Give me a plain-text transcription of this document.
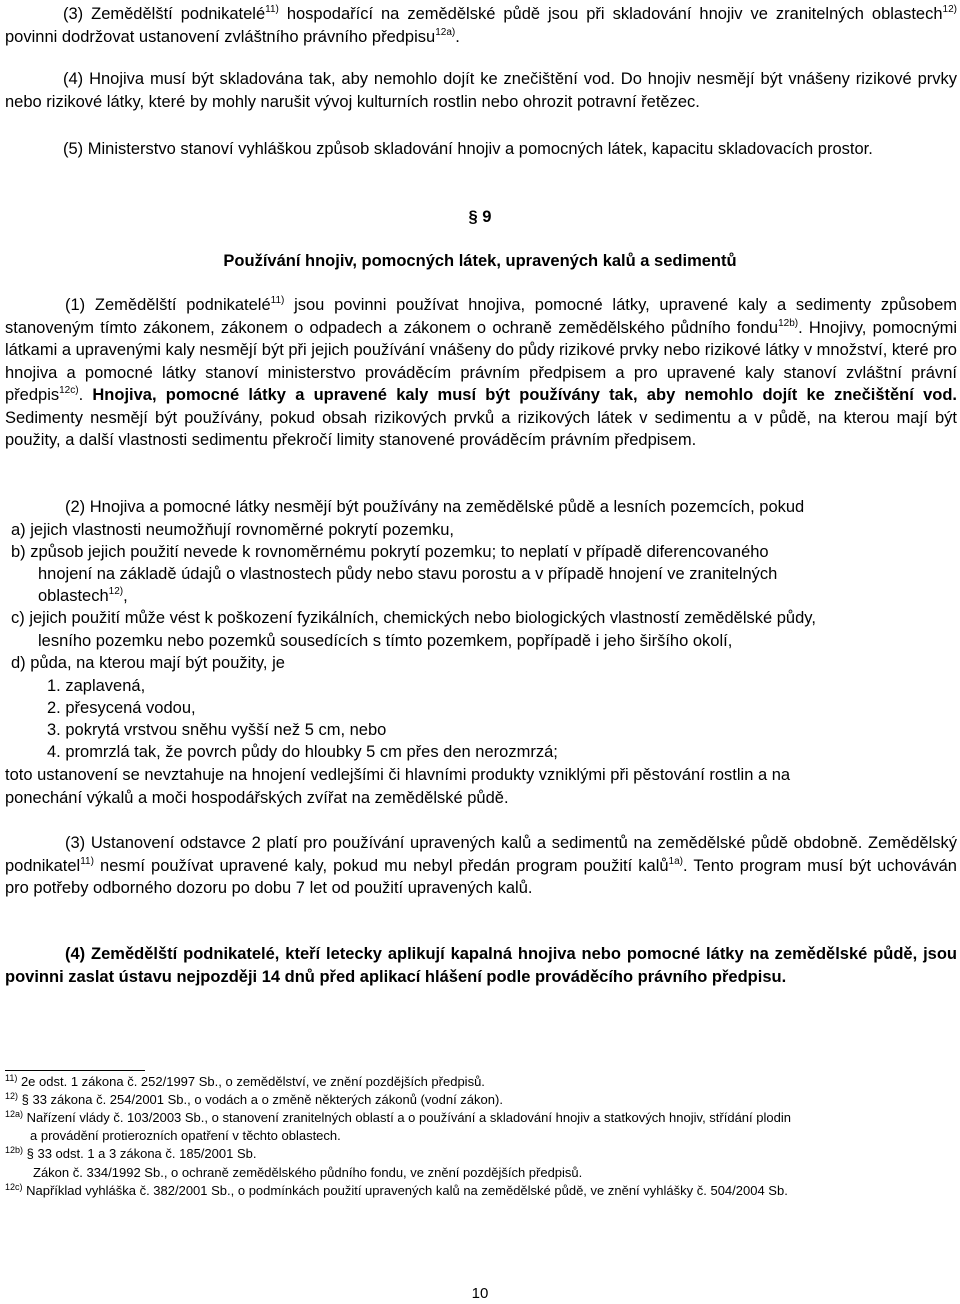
(3) Zemědělští podnikatelé$^{11)}$ hospodařící na zemědělské půdě jsou při skladování hnojiv ve zranitelných oblastech$^{12)}$ povinni dodržovat ustanovení zvláštního právního předpisu$^{12a)}$.

(4) Hnojiva musí být skladována tak, aby nemohlo dojít ke znečištění vod. Do hnojiv nesmějí být vnášeny rizikové prvky nebo rizikové látky, které by mohly narušit vývoj kulturních rostlin nebo ohrozit potravní řetězec.

(5) Ministerstvo stanoví vyhláškou způsob skladování hnojiv a pomocných látek, kapacitu skladovacích prostor.

§ 9

Používání hnojiv, pomocných látek, upravených kalů a sedimentů

(1) Zemědělští podnikatelé$^{11)}$ jsou povinni používat hnojiva, pomocné látky, upravené kaly a sedimenty způsobem stanoveným tímto zákonem, zákonem o odpadech a zákonem o ochraně zemědělského půdního fondu$^{12b)}$. Hnojivy, pomocnými látkami a upravenými kaly nesmějí být při jejich používání vnášeny do půdy rizikové prvky nebo rizikové látky v množství, které pro hnojiva a pomocné látky stanoví ministerstvo prováděcím právním předpisem a pro upravené kaly stanoví zvláštní právní předpis$^{12c)}$. Hnojiva, pomocné látky a upravené kaly musí být používány tak, aby nemohlo dojít ke znečištění vod. Sedimenty nesmějí být používány, pokud obsah rizikových prvků a rizikových látek v sedimentu a v půdě, na kterou mají být použity, a další vlastnosti sedimentu překročí limity stanovené prováděcím právním předpisem.

(2) Hnojiva a pomocné látky nesmějí být používány na zemědělské půdě a lesních pozemcích, pokud

a) jejich vlastnosti neumožňují rovnoměrné pokrytí pozemku,

b) způsob jejich použití nevede k rovnoměrnému pokrytí pozemku; to neplatí v případě diferencovaného

hnojení na základě údajů o vlastnostech půdy nebo stavu porostu a v případě hnojení ve zranitelných

oblastech$^{12)}$,

c) jejich použití může vést k poškození fyzikálních, chemických nebo biologických vlastností zemědělské půdy,

lesního pozemku nebo pozemků sousedících s tímto pozemkem, popřípadě i jeho širšího okolí,

d) půda, na kterou mají být použity, je

1. zaplavená,

2. přesycená vodou,

3. pokrytá vrstvou sněhu vyšší než 5 cm, nebo

4. promrzlá tak, že povrch půdy do hloubky 5 cm přes den nerozmrzá;

toto ustanovení se nevztahuje na hnojení vedlejšími či hlavními produkty vzniklými při pěstování rostlin a na

ponechání výkalů a moči hospodářských zvířat na zemědělské půdě.

(3) Ustanovení odstavce 2 platí pro používání upravených kalů a sedimentů na zemědělské půdě obdobně. Zemědělský podnikatel$^{11)}$ nesmí používat upravené kaly, pokud mu nebyl předán program použití kalů$^{1a)}$. Tento program musí být uchováván pro potřeby odborného dozoru po dobu 7 let od použití upravených kalů.

(4) Zemědělští podnikatelé, kteří letecky aplikují kapalná hnojiva nebo pomocné látky na zemědělské půdě, jsou povinni zaslat ústavu nejpozději 14 dnů před aplikací hlášení podle prováděcího právního předpisu.

$^{11)}$ 2e odst. 1 zákona č. 252/1997 Sb., o zemědělství, ve znění pozdějších předpisů.

$^{12)}$ § 33 zákona č. 254/2001 Sb., o vodách a o změně některých zákonů (vodní zákon).

$^{12a)}$ Nařízení vlády č. 103/2003 Sb., o stanovení zranitelných oblastí a o používání a skladování hnojiv a statkových hnojiv, střídání plodin

a provádění protierozních opatření v těchto oblastech.

$^{12b)}$ § 33 odst. 1 a 3 zákona č. 185/2001 Sb.

Zákon č. 334/1992 Sb., o ochraně zemědělského půdního fondu, ve znění pozdějších předpisů.

$^{12c)}$ Například vyhláška č. 382/2001 Sb., o podmínkách použití upravených kalů na zemědělské půdě, ve znění vyhlášky č. 504/2004 Sb.

10
